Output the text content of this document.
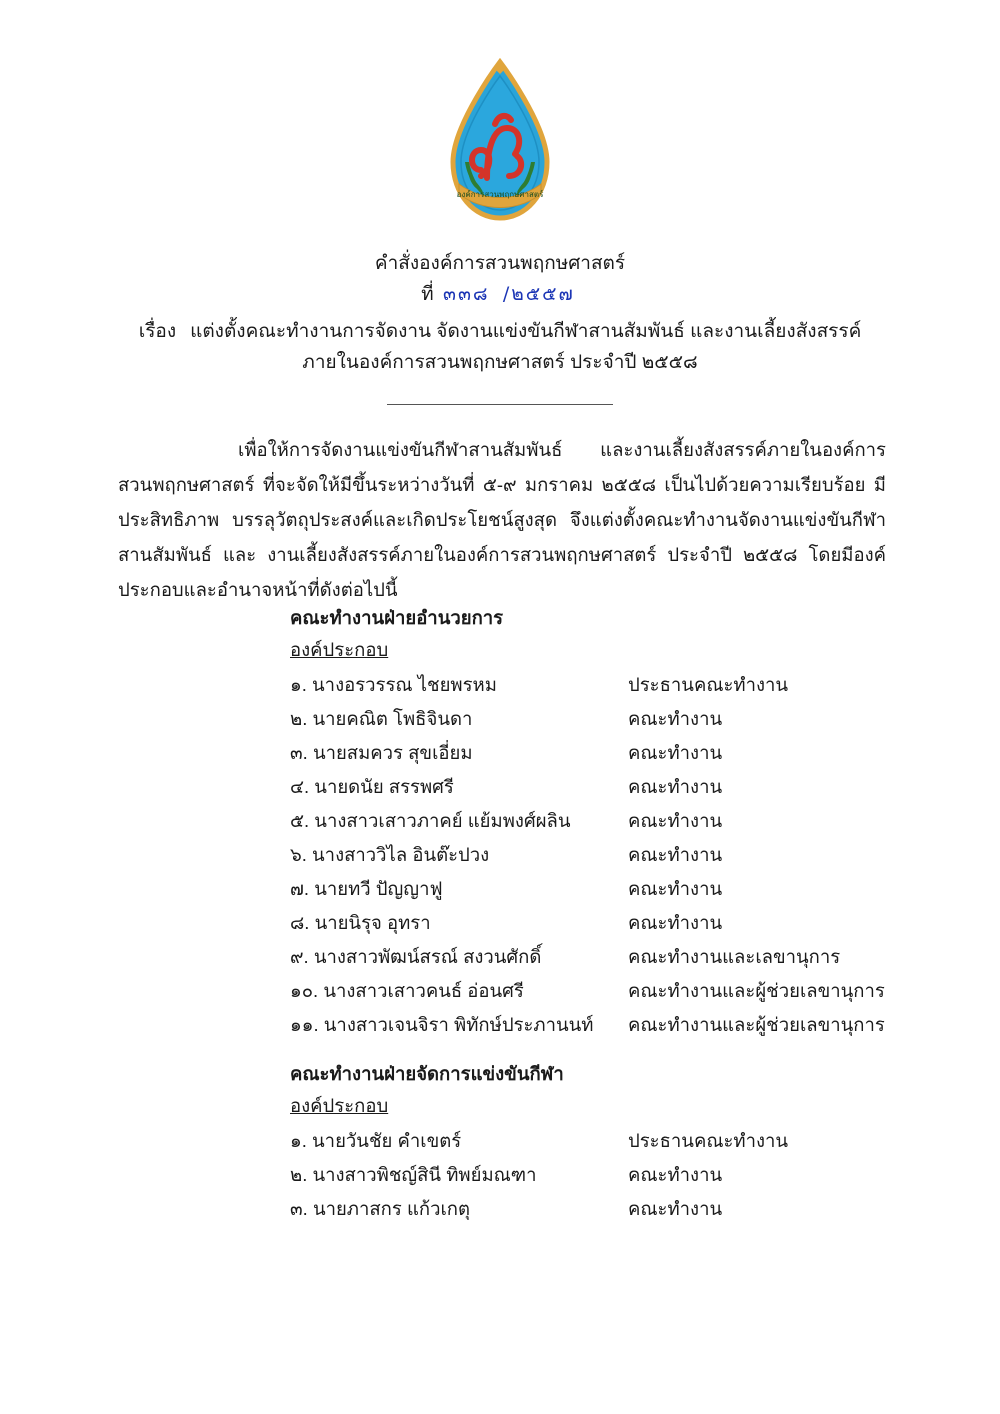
องค์การสวนพฤกษศาสตร์
คำสั่งองค์การสวนพฤกษศาสตร์
ที่ ๓๓๘ /๒๕๕๗
เรื่อง แต่งตั้งคณะทำงานการจัดงาน จัดงานแข่งขันกีฬาสานสัมพันธ์ และงานเลี้ยงสังสรรค์
ภายในองค์การสวนพฤกษศาสตร์ ประจำปี ๒๕๕๘

เพื่อให้การจัดงานแข่งขันกีฬาสานสัมพันธ์ และงานเลี้ยงสังสรรค์ภายในองค์การสวนพฤกษศาสตร์ ที่จะจัดให้มีขึ้นระหว่างวันที่ ๕-๙ มกราคม ๒๕๕๘ เป็นไปด้วยความเรียบร้อย มีประสิทธิภาพ บรรลุวัตถุประสงค์และเกิดประโยชน์สูงสุด จึงแต่งตั้งคณะทำงานจัดงานแข่งขันกีฬาสานสัมพันธ์ และ งานเลี้ยงสังสรรค์ภายในองค์การสวนพฤกษศาสตร์ ประจำปี ๒๕๕๘ โดยมีองค์ประกอบและอำนาจหน้าที่ดังต่อไปนี้

คณะทำงานฝ่ายอำนวยการ
องค์ประกอบ
๑. นางอรวรรณ ไชยพรหม	ประธานคณะทำงาน
๒. นายคณิต โพธิจินดา	คณะทำงาน
๓. นายสมควร สุขเอี่ยม	คณะทำงาน
๔. นายดนัย สรรพศรี	คณะทำงาน
๕. นางสาวเสาวภาคย์ แย้มพงศ์ผลิน	คณะทำงาน
๖. นางสาววิไล อินต๊ะปวง	คณะทำงาน
๗. นายทวี ปัญญาฟู	คณะทำงาน
๘. นายนิรุจ อุทรา	คณะทำงาน
๙. นางสาวพัฒน์สรณ์ สงวนศักดิ์	คณะทำงานและเลขานุการ
๑๐. นางสาวเสาวคนธ์ อ่อนศรี	คณะทำงานและผู้ช่วยเลขานุการ
๑๑. นางสาวเจนจิรา พิทักษ์ประภานนท์	คณะทำงานและผู้ช่วยเลขานุการ
คณะทำงานฝ่ายจัดการแข่งขันกีฬา
องค์ประกอบ
๑. นายวันชัย คำเขตร์	ประธานคณะทำงาน
๒. นางสาวพิชญ์สินี ทิพย์มณฑา	คณะทำงาน
๓. นายภาสกร แก้วเกตุ	คณะทำงาน
